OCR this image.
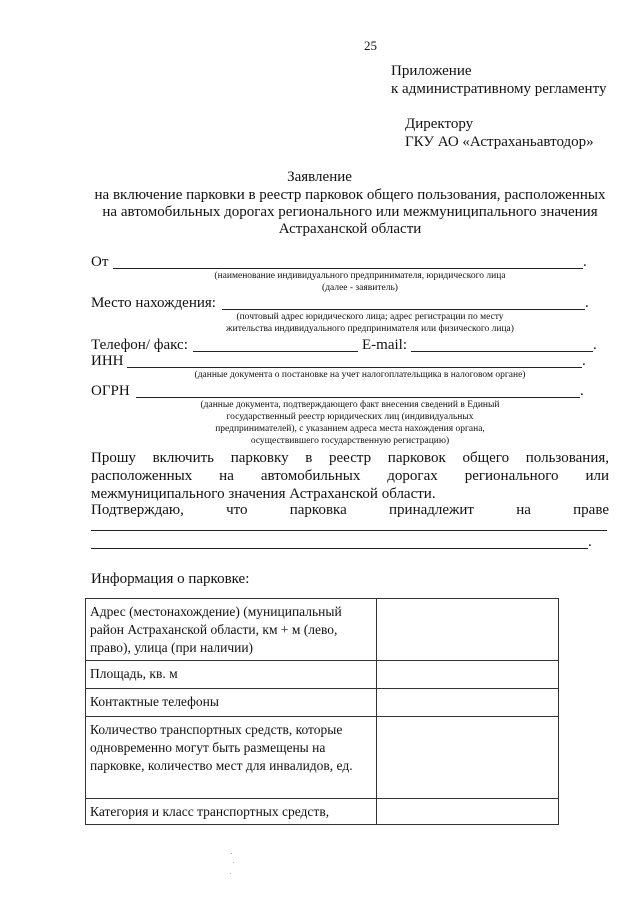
25
Приложение
к административному регламенту
Директору
ГКУ АО «Астраханьавтодор»
Заявление
на включение парковки в реестр парковок общего пользования, расположенных
на автомобильных дорогах регионального или межмуниципального значения
Астраханской области
От	.
(наименование индивидуального предпринимателя, юридического лица
(далее - заявитель)
Место нахождения:	.
(почтовый адрес юридического лица; адрес регистрации по месту
жительства индивидуального предпринимателя или физического лица)
Телефон/ факс:	E-mail:	.
ИНН	.
(данные документа о постановке на учет налогоплательщика в налоговом органе)
ОГРН	.
(данные документа, подтверждающего факт внесения сведений в Единый
государственный реестр юридических лиц (индивидуальных
предпринимателей), с указанием адреса места нахождения органа,
осуществившего государственную регистрацию)
Прошу включить парковку в реестр парковок общего пользования,
расположенных на автомобильных дорогах регионального или
межмуниципального значения Астраханской области.
Подтверждаю, что парковка принадлежит на праве
.
Информация о парковке:
Адрес (местонахождение) (муниципальный район Астраханской области, км + м (лево, право), улица (при наличии)	
Площадь, кв. м	
Контактные телефоны	
Количество транспортных средств, которые одновременно могут быть размещены на парковке, количество мест для инвалидов, ед.	
Категория и класс транспортных средств,	
